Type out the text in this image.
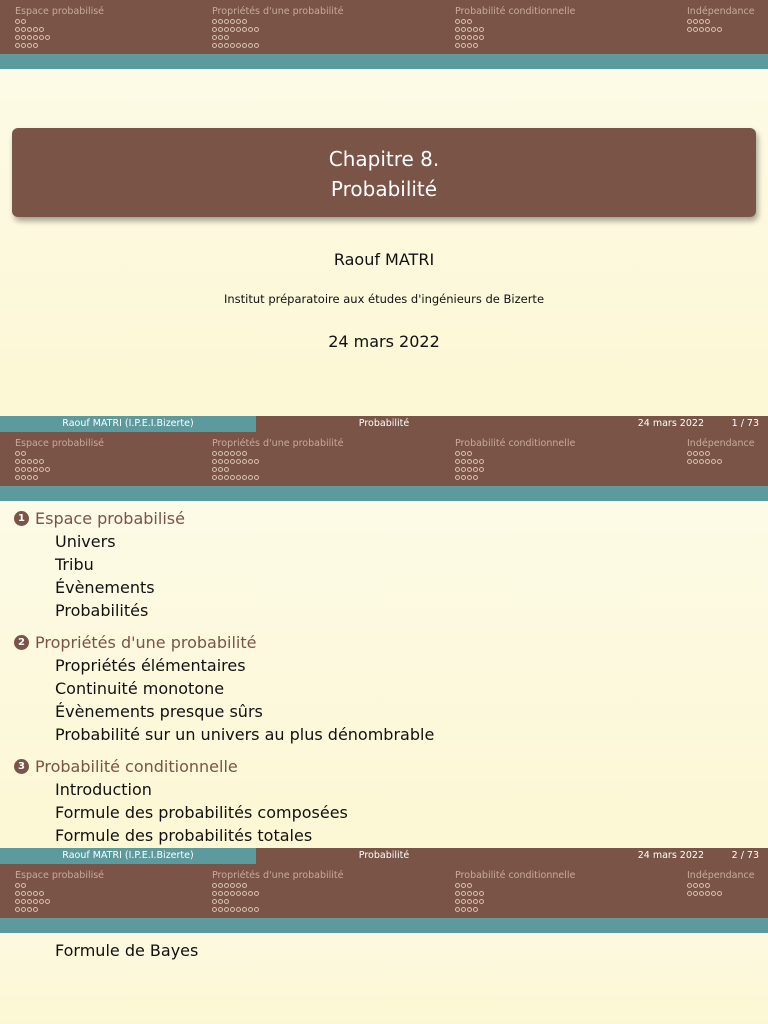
Espace probabilisé	Propriétés d'une probabilité	Probabilité conditionnelle	Indépendance
Chapitre 8.
Probabilité
Raouf MATRI
Institut préparatoire aux études d'ingénieurs de Bizerte
24 mars 2022
Raouf MATRI (I.P.E.I.Bizerte)	Probabilité	24 mars 2022	1 / 73
Espace probabilisé	Propriétés d'une probabilité	Probabilité conditionnelle	Indépendance
1 Espace probabilisé
Univers
Tribu
Évènements
Probabilités
2 Propriétés d'une probabilité
Propriétés élémentaires
Continuité monotone
Évènements presque sûrs
Probabilité sur un univers au plus dénombrable
3 Probabilité conditionnelle
Introduction
Formule des probabilités composées
Formule des probabilités totales
Raouf MATRI (I.P.E.I.Bizerte)	Probabilité	24 mars 2022	2 / 73
Espace probabilisé	Propriétés d'une probabilité	Probabilité conditionnelle	Indépendance
Formule de Bayes
